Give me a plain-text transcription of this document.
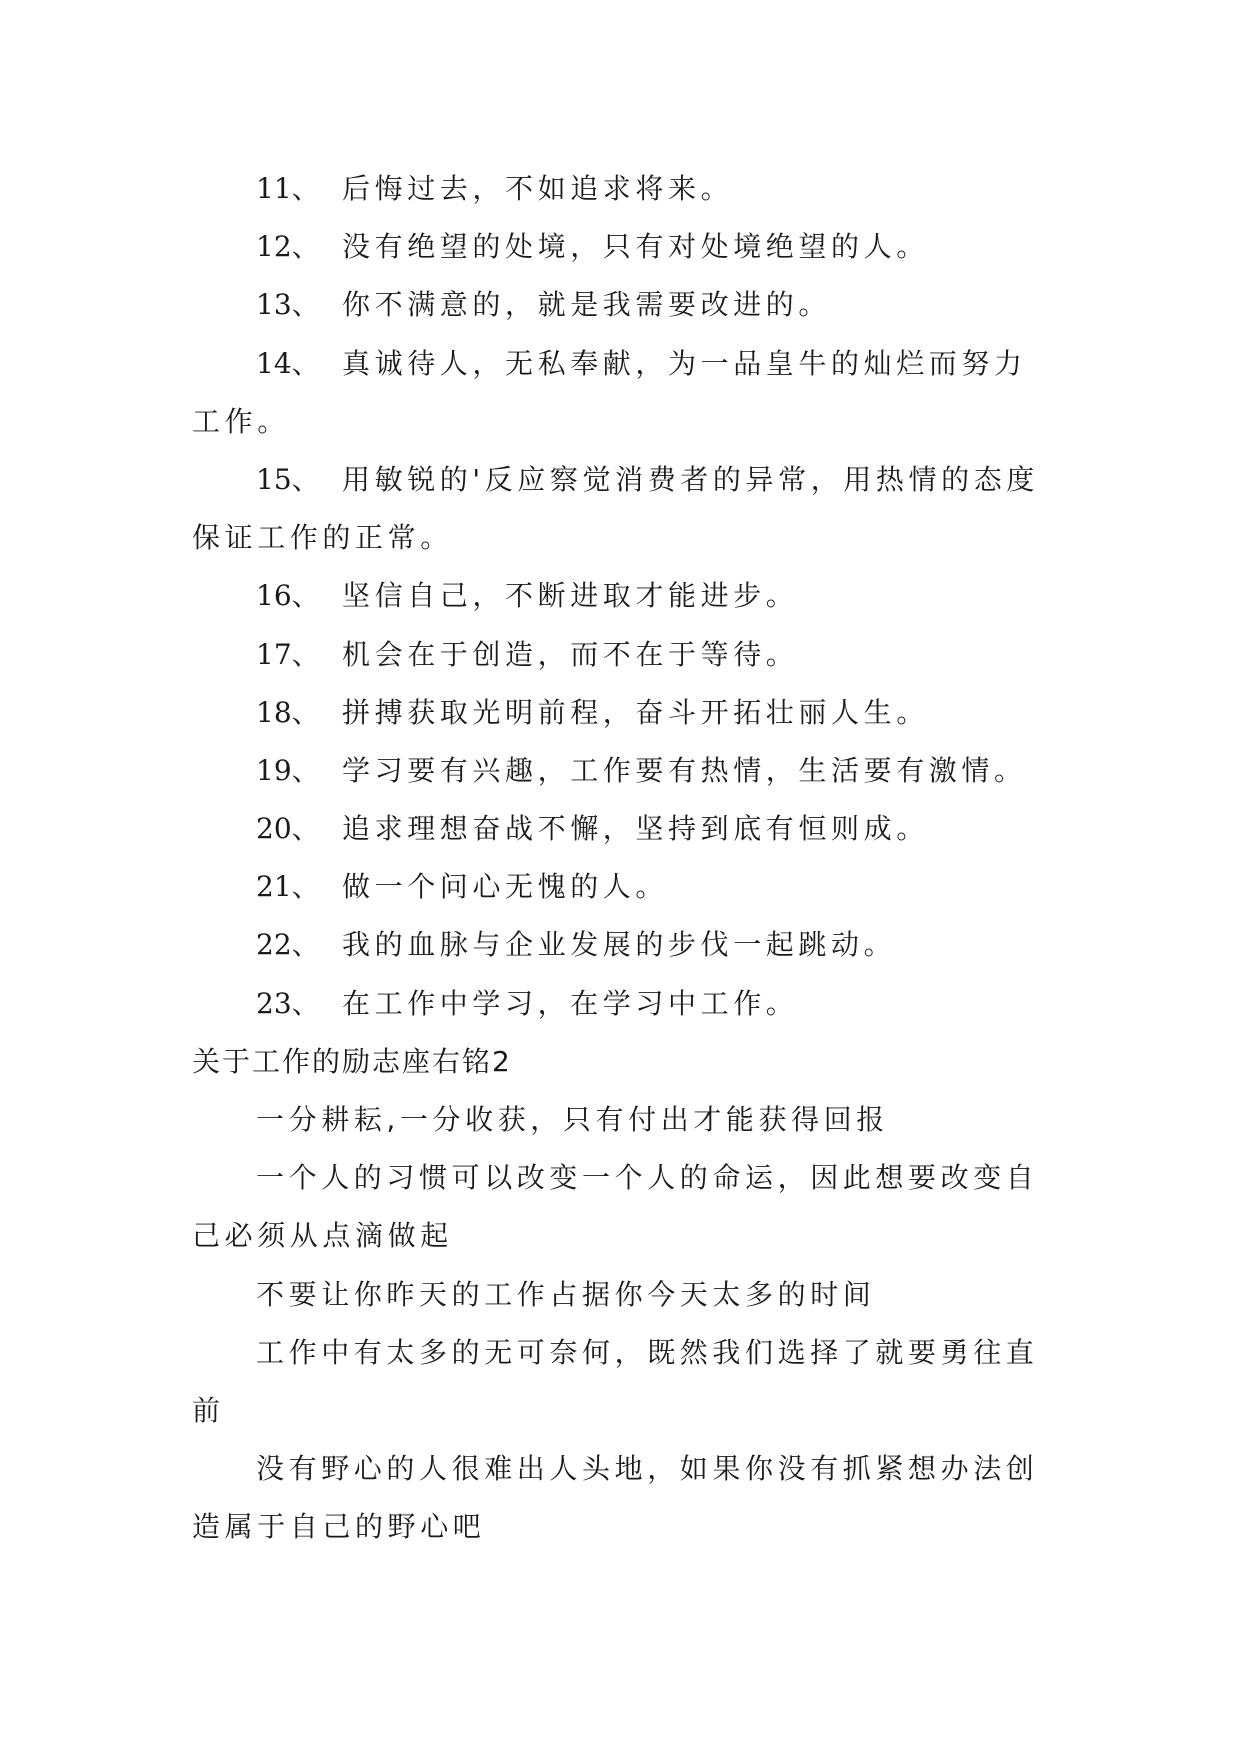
11、 后悔过去，不如追求将来。
12、 没有绝望的处境，只有对处境绝望的人。
13、 你不满意的，就是我需要改进的。
14、 真诚待人，无私奉献，为一品皇牛的灿烂而努力
工作。
15、 用敏锐的'反应察觉消费者的异常，用热情的态度
保证工作的正常。
16、 坚信自己，不断进取才能进步。
17、 机会在于创造，而不在于等待。
18、 拼搏获取光明前程，奋斗开拓壮丽人生。
19、 学习要有兴趣，工作要有热情，生活要有激情。
20、 追求理想奋战不懈，坚持到底有恒则成。
21、 做一个问心无愧的人。
22、 我的血脉与企业发展的步伐一起跳动。
23、 在工作中学习，在学习中工作。
关于工作的励志座右铭2
一分耕耘,一分收获，只有付出才能获得回报
一个人的习惯可以改变一个人的命运，因此想要改变自
己必须从点滴做起
不要让你昨天的工作占据你今天太多的时间
工作中有太多的无可奈何，既然我们选择了就要勇往直
前
没有野心的人很难出人头地，如果你没有抓紧想办法创
造属于自己的野心吧
